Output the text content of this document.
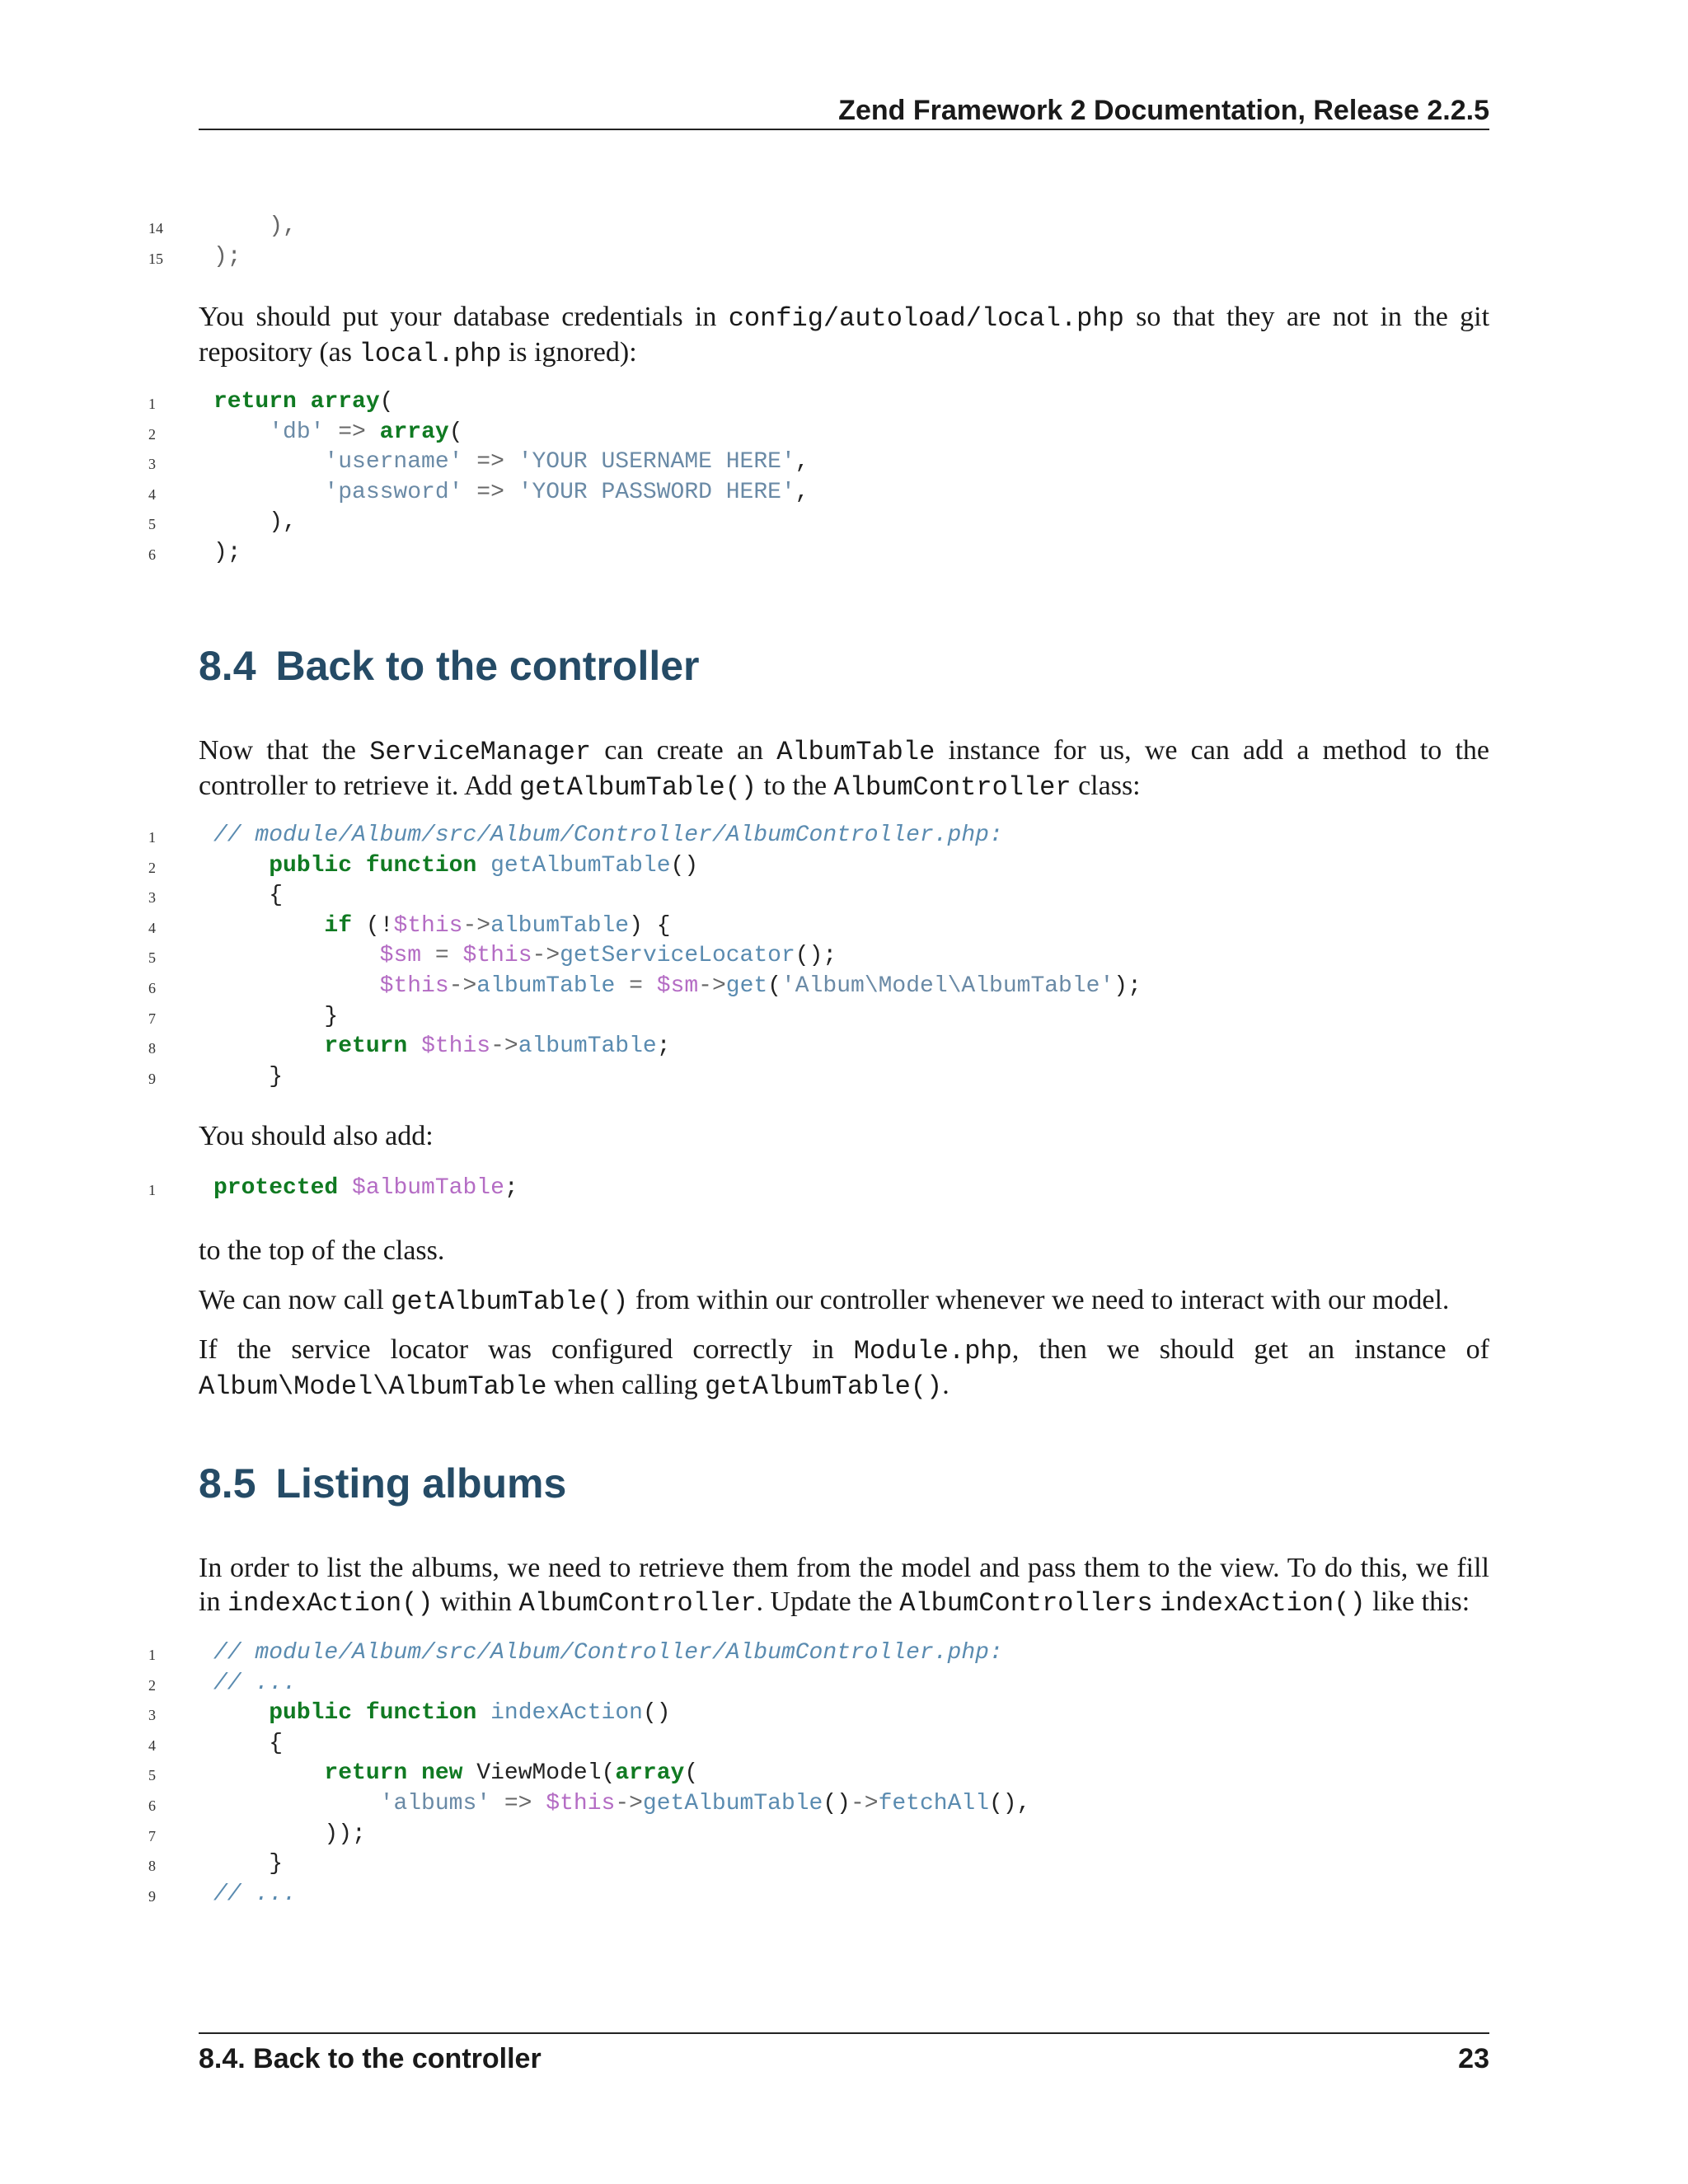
Zend Framework 2 Documentation, Release 2.2.5
14	),
15	);

You should put your database credentials in config/autoload/local.php so that they are not in the git repository (as local.php is ignored):

1	return array(
2	'db' => array(
3	'username' => 'YOUR USERNAME HERE',
4	'password' => 'YOUR PASSWORD HERE',
5	),
6	);
8.4 Back to the controller

Now that the ServiceManager can create an AlbumTable instance for us, we can add a method to the controller to retrieve it. Add getAlbumTable() to the AlbumController class:

1	// module/Album/src/Album/Controller/AlbumController.php:
2	public function getAlbumTable()
3	{
4	if (!$this->albumTable) {
5	$sm = $this->getServiceLocator();
6	$this->albumTable = $sm->get('Album\Model\AlbumTable');
7	}
8	return $this->albumTable;
9	}

You should also add:

1	protected $albumTable;

to the top of the class.

We can now call getAlbumTable() from within our controller whenever we need to interact with our model.

If the service locator was configured correctly in Module.php, then we should get an instance of Album\Model\AlbumTable when calling getAlbumTable().

8.5 Listing albums

In order to list the albums, we need to retrieve them from the model and pass them to the view. To do this, we fill in indexAction() within AlbumController. Update the AlbumControllers indexAction() like this:

1	// module/Album/src/Album/Controller/AlbumController.php:
2	// ...
3	public function indexAction()
4	{
5	return new ViewModel(array(
6	'albums' => $this->getAlbumTable()->fetchAll(),
7	));
8	}
9	// ...
8.4. Back to the controller	23
